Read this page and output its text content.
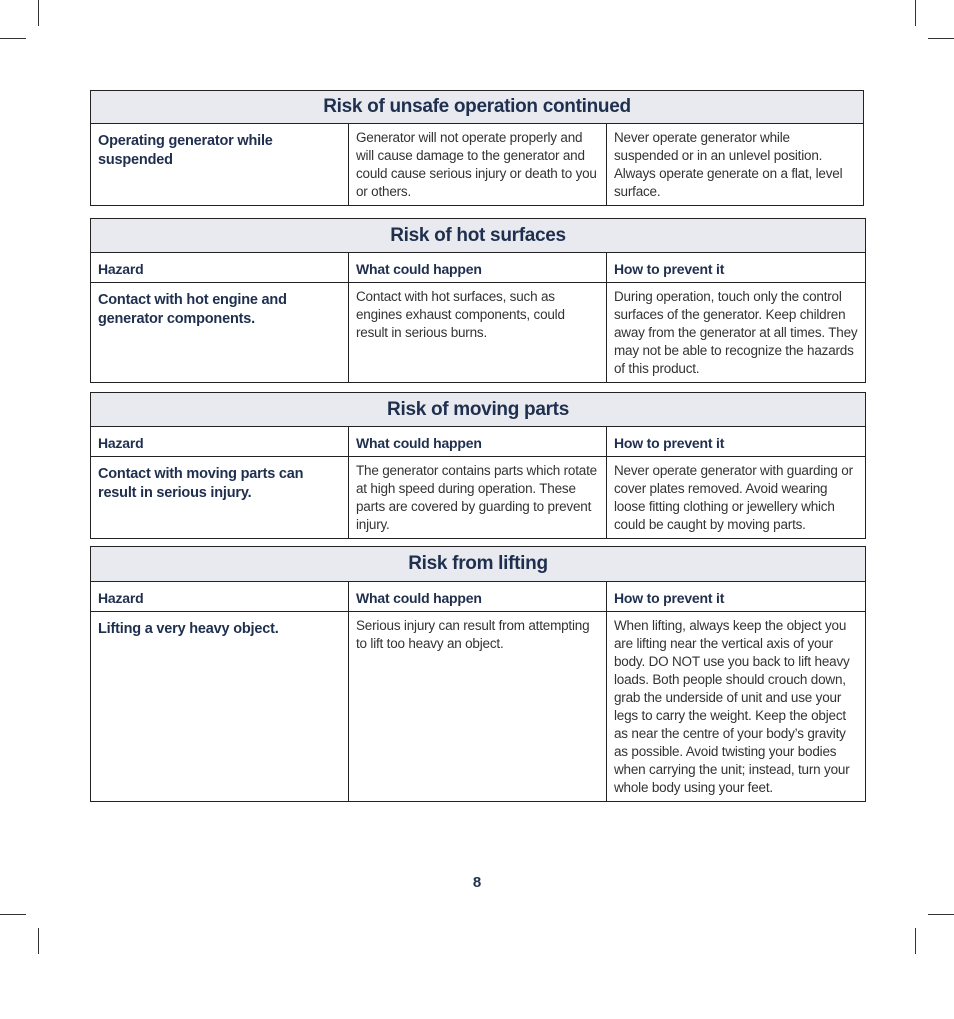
Risk of unsafe operation continued
Operating generator while suspended	Generator will not operate properly and will cause damage to the generator and could cause serious injury or death to you or others.	Never operate generator while suspended or in an unlevel position. Always operate generate on a flat, level surface.
Risk of hot surfaces		
Hazard	What could happen	How to prevent it
Contact with hot engine and generator components.	Contact with hot surfaces, such as engines exhaust components, could result in serious burns.	During operation, touch only the control surfaces of the generator. Keep children away from the generator at all times. They may not be able to recognize the hazards of this product.
Risk of moving parts		
Hazard	What could happen	How to prevent it
Contact with moving parts can result in serious injury.	The generator contains parts which rotate at high speed during operation. These parts are covered by guarding to prevent injury.	Never operate generator with guarding or cover plates removed. Avoid wearing loose fitting clothing or jewellery which could be caught by moving parts.
Risk from lifting		
Hazard	What could happen	How to prevent it
Lifting a very heavy object.	Serious injury can result from attempting to lift too heavy an object.	When lifting, always keep the object you are lifting near the vertical axis of your body. DO NOT use you back to lift heavy loads. Both people should crouch down, grab the underside of unit and use your legs to carry the weight. Keep the object as near the centre of your body’s gravity as possible. Avoid twisting your bodies when carrying the unit; instead, turn your whole body using your feet.
8
